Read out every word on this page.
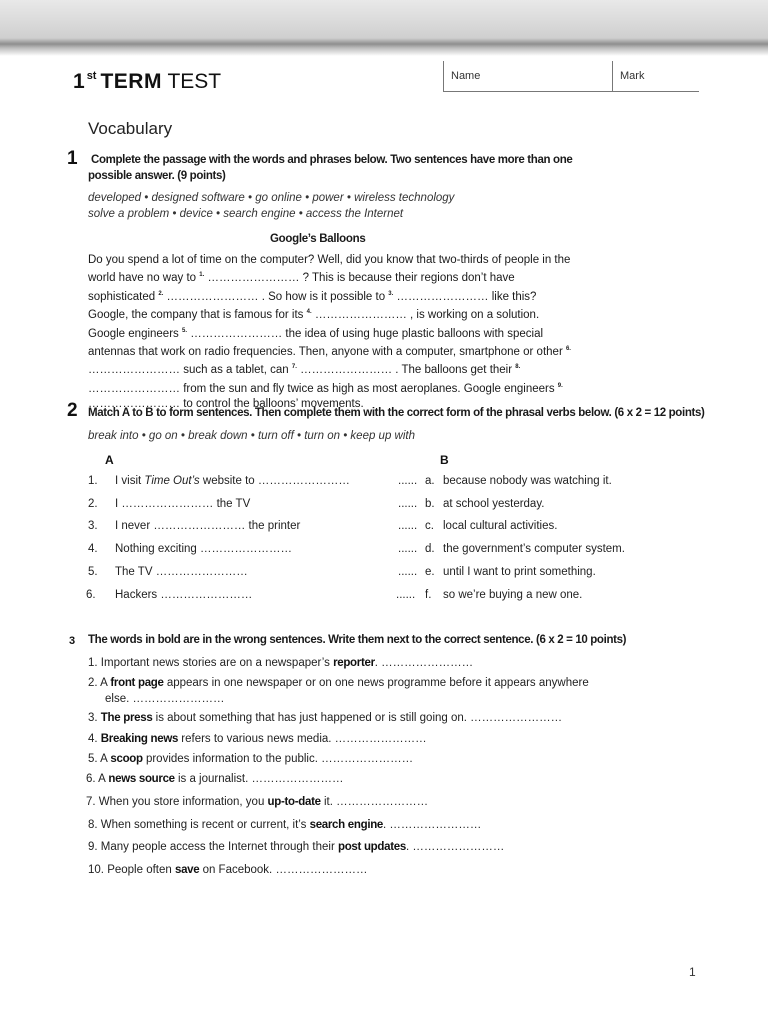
1 $^{st}$ TERM TEST	Name	Mark
Vocabulary
1 Complete the passage with the words and phrases below. Two sentences have more than one
possible answer. (9 points)
developed • designed software • go online • power • wireless technology
solve a problem • device • search engine • access the Internet
Google’s Balloons
Do you spend a lot of time on the computer? Well, did you know that two-thirds of people in the
world have no way to $^{1.}$ …………………… ? This is because their regions don’t have
sophisticated $^{2.}$ …………………… . So how is it possible to $^{3.}$ …………………… like this?
Google, the company that is famous for its $^{4.}$ …………………… , is working on a solution.
Google engineers $^{5.}$ …………………… the idea of using huge plastic balloons with special
antennas that work on radio frequencies. Then, anyone with a computer, smartphone or other $^{6.}$
…………………… such as a tablet, can $^{7.}$ …………………… . The balloons get their $^{8.}$
…………………… from the sun and fly twice as high as most aeroplanes. Google engineers $^{9.}$
…………………… to control the balloons’ movements.
2 Match A to B to form sentences. Then complete them with the correct form of the phrasal verbs below. (6 x 2 = 12 points)
break into • go on • break down • turn off • turn on • keep up with
A	B
1. I visit Time Out’s website to ……………………	...... a. because nobody was watching it.
2. I …………………… the TV	...... b. at school yesterday.
3. I never …………………… the printer	...... c. local cultural activities.
4. Nothing exciting ……………………	...... d. the government’s computer system.
5. The TV ……………………	...... e. until I want to print something.
6. Hackers ……………………	...... f. so we’re buying a new one.
3 The words in bold are in the wrong sentences. Write them next to the correct sentence. (6 x 2 = 10 points)
1. Important news stories are on a newspaper’s reporter. ……………………
2. A front page appears in one newspaper or on one news programme before it appears anywhere
else. ……………………
3. The press is about something that has just happened or is still going on. ……………………
4. Breaking news refers to various news media. ……………………
5. A scoop provides information to the public. ……………………
6. A news source is a journalist. ……………………
7. When you store information, you up-to-date it. ……………………
8. When something is recent or current, it’s search engine. ……………………
9. Many people access the Internet through their post updates. ……………………
10. People often save on Facebook. ……………………
1
